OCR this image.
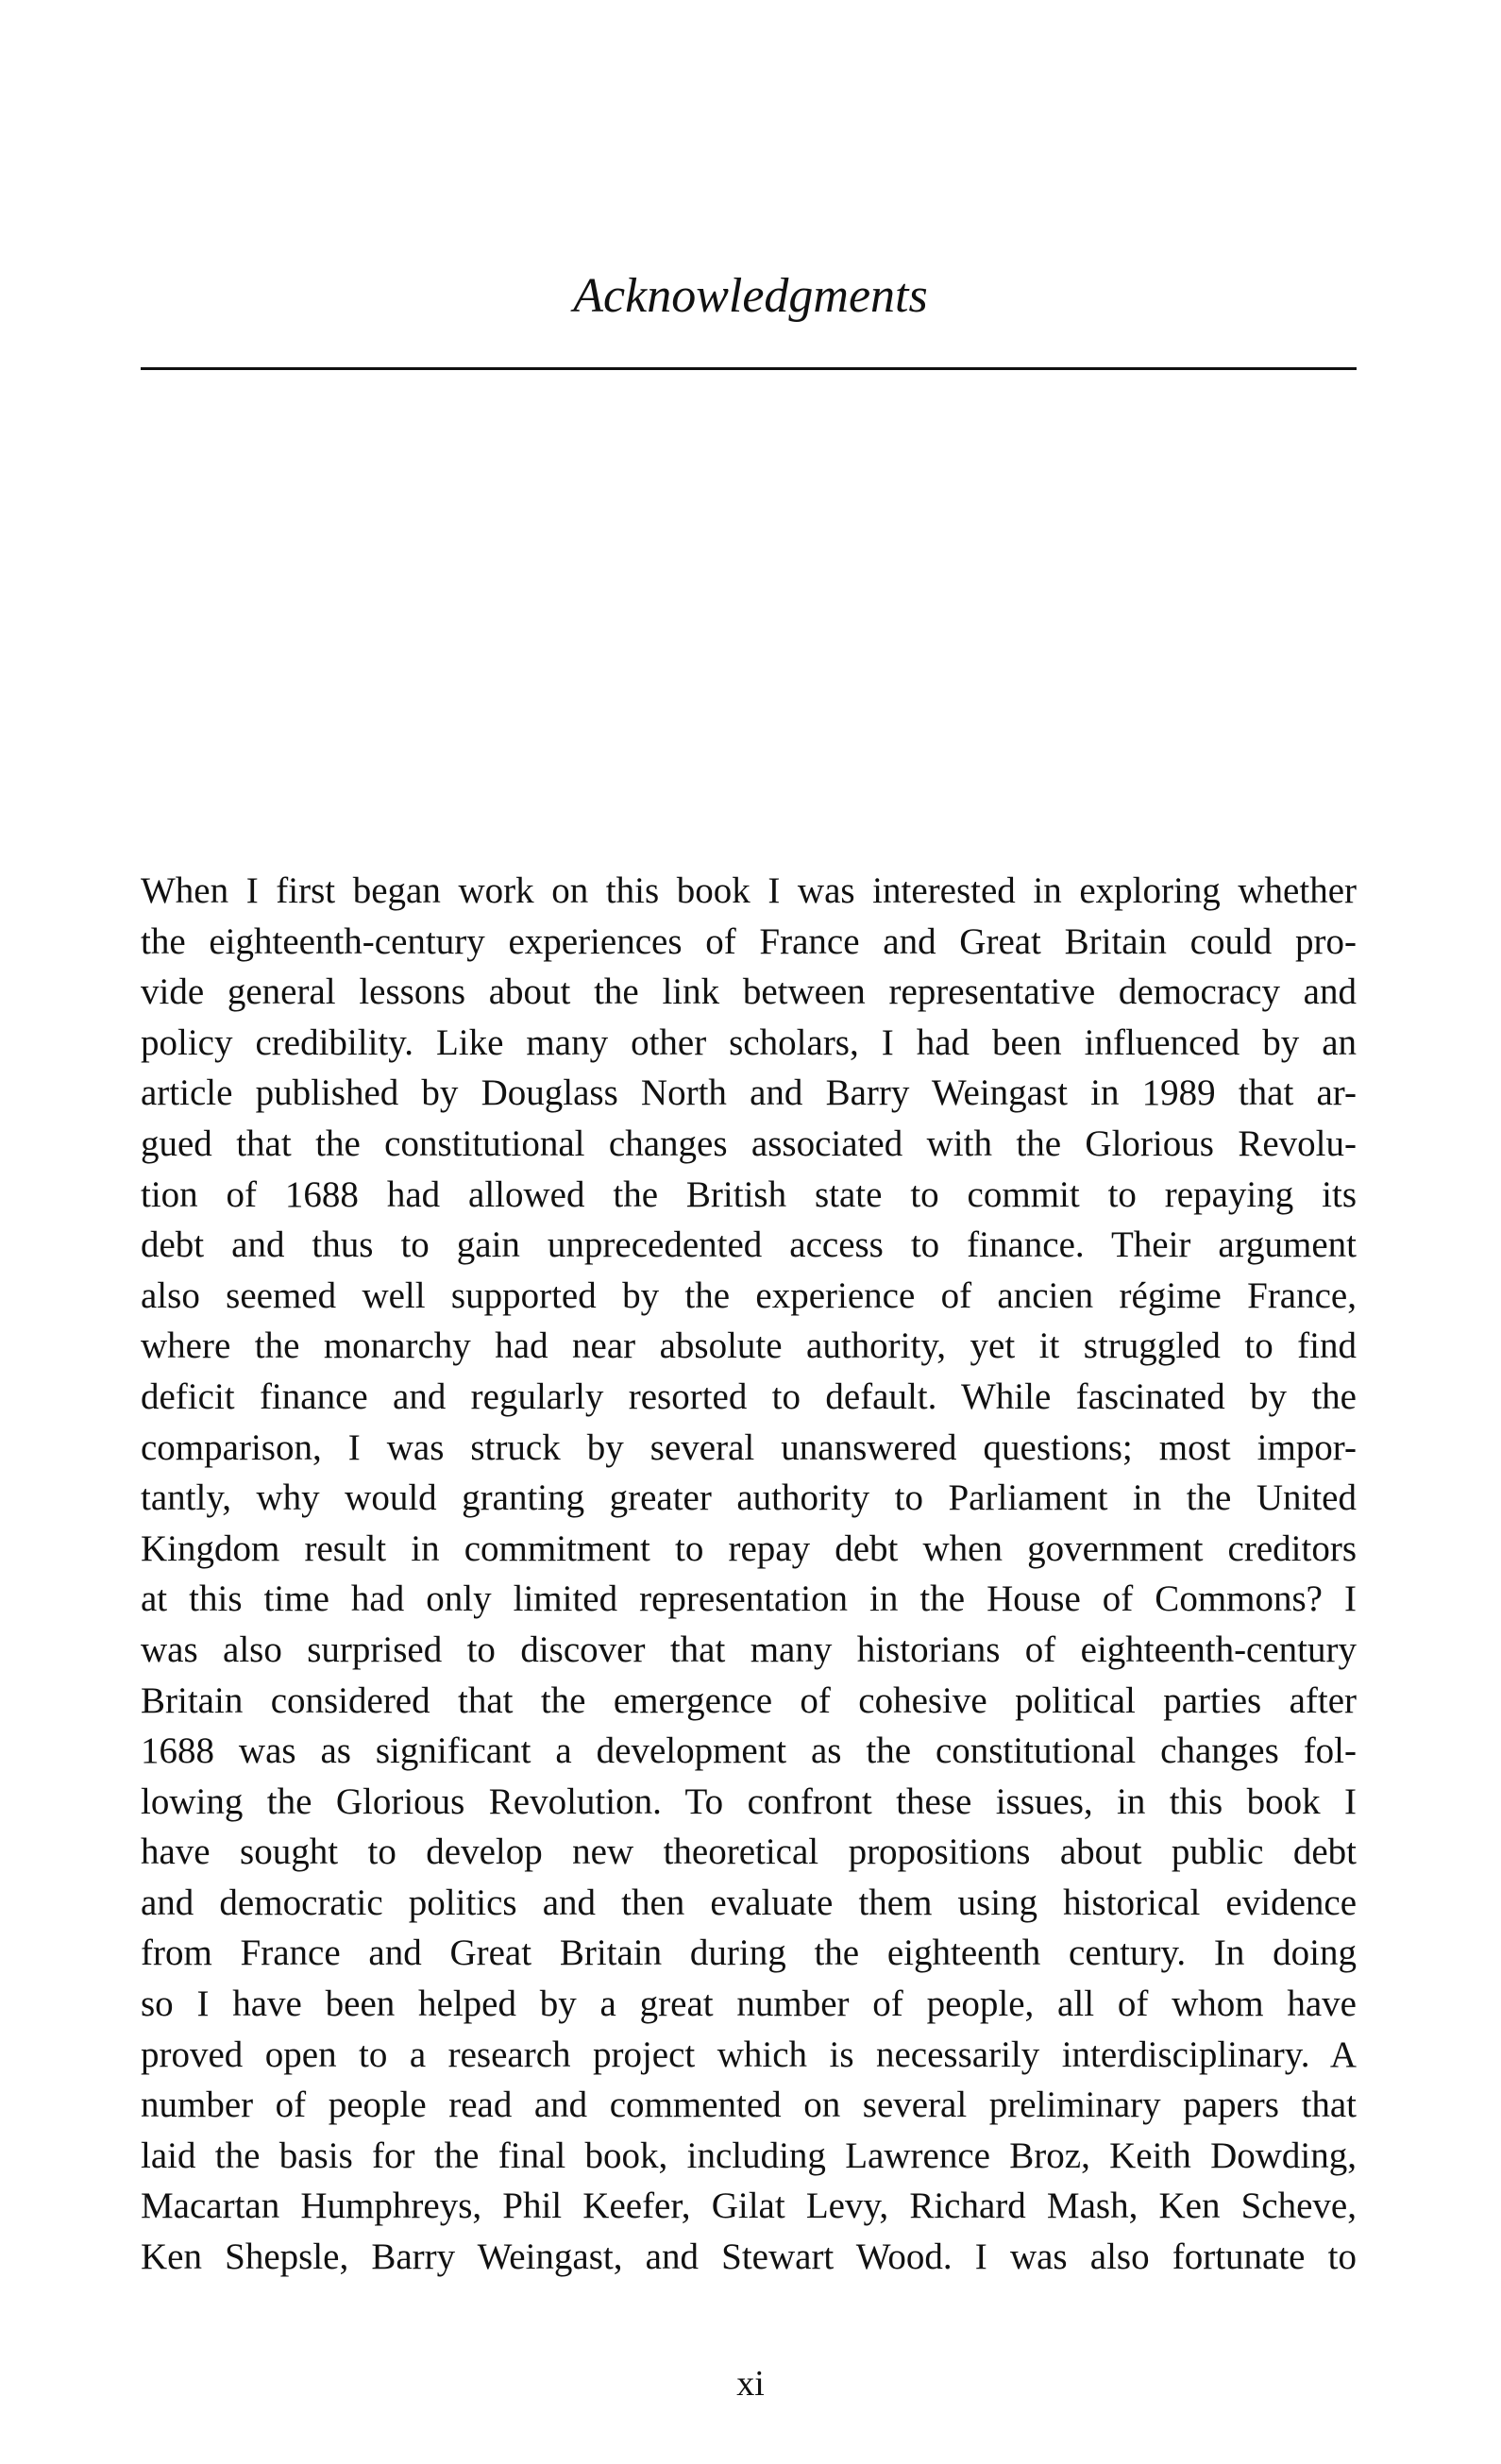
Acknowledgments
When I first began work on this book I was interested in exploring whether
the eighteenth-century experiences of France and Great Britain could pro-
vide general lessons about the link between representative democracy and
policy credibility. Like many other scholars, I had been influenced by an
article published by Douglass North and Barry Weingast in 1989 that ar-
gued that the constitutional changes associated with the Glorious Revolu-
tion of 1688 had allowed the British state to commit to repaying its
debt and thus to gain unprecedented access to finance. Their argument
also seemed well supported by the experience of ancien régime France,
where the monarchy had near absolute authority, yet it struggled to find
deficit finance and regularly resorted to default. While fascinated by the
comparison, I was struck by several unanswered questions; most impor-
tantly, why would granting greater authority to Parliament in the United
Kingdom result in commitment to repay debt when government creditors
at this time had only limited representation in the House of Commons? I
was also surprised to discover that many historians of eighteenth-century
Britain considered that the emergence of cohesive political parties after
1688 was as significant a development as the constitutional changes fol-
lowing the Glorious Revolution. To confront these issues, in this book I
have sought to develop new theoretical propositions about public debt
and democratic politics and then evaluate them using historical evidence
from France and Great Britain during the eighteenth century. In doing
so I have been helped by a great number of people, all of whom have
proved open to a research project which is necessarily interdisciplinary. A
number of people read and commented on several preliminary papers that
laid the basis for the final book, including Lawrence Broz, Keith Dowding,
Macartan Humphreys, Phil Keefer, Gilat Levy, Richard Mash, Ken Scheve,
Ken Shepsle, Barry Weingast, and Stewart Wood. I was also fortunate to
xi
